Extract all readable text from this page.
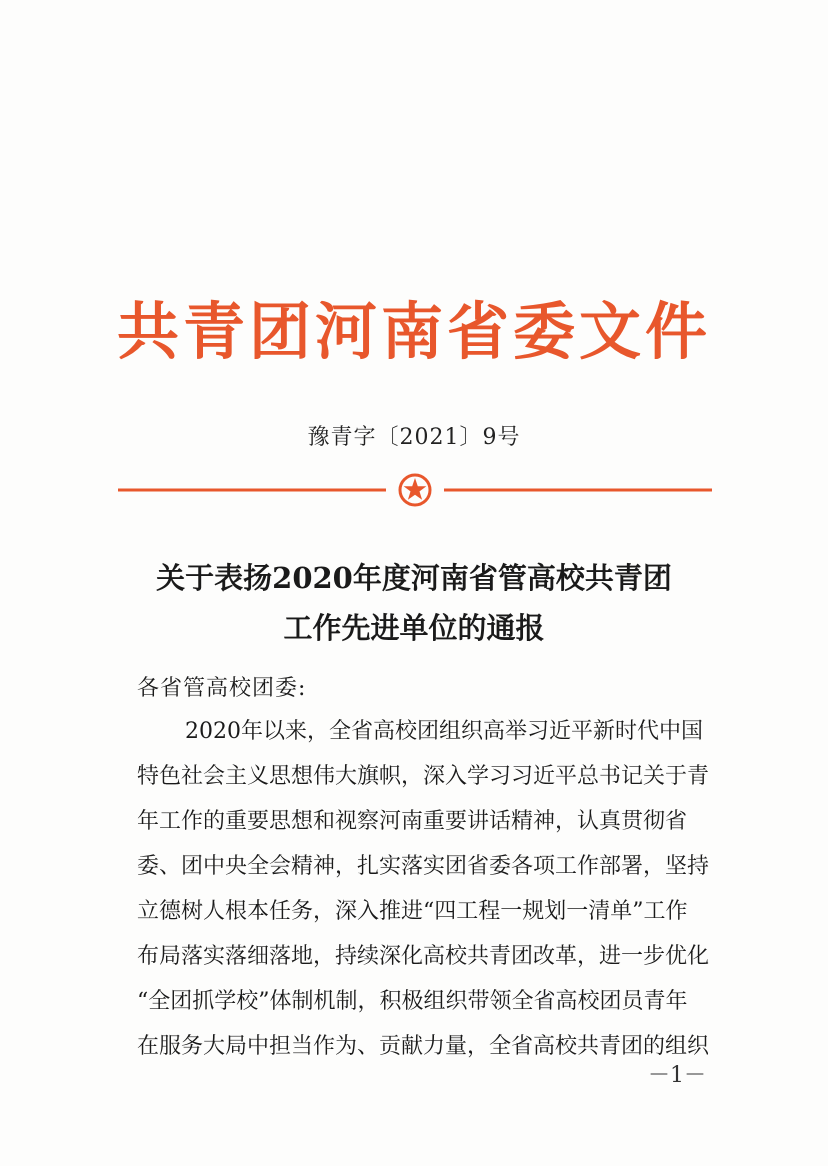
共青团河南省委文件
豫青字〔2021〕9号
关于表扬2020年度河南省管高校共青团
工作先进单位的通报
各省管高校团委:
2020年以来，全省高校团组织高举习近平新时代中国
特色社会主义思想伟大旗帜，深入学习习近平总书记关于青
年工作的重要思想和视察河南重要讲话精神，认真贯彻省
委、团中央全会精神，扎实落实团省委各项工作部署，坚持
立德树人根本任务，深入推进“四工程一规划一清单”工作
布局落实落细落地，持续深化高校共青团改革，进一步优化
“全团抓学校”体制机制，积极组织带领全省高校团员青年
在服务大局中担当作为、贡献力量，全省高校共青团的组织
－1－
